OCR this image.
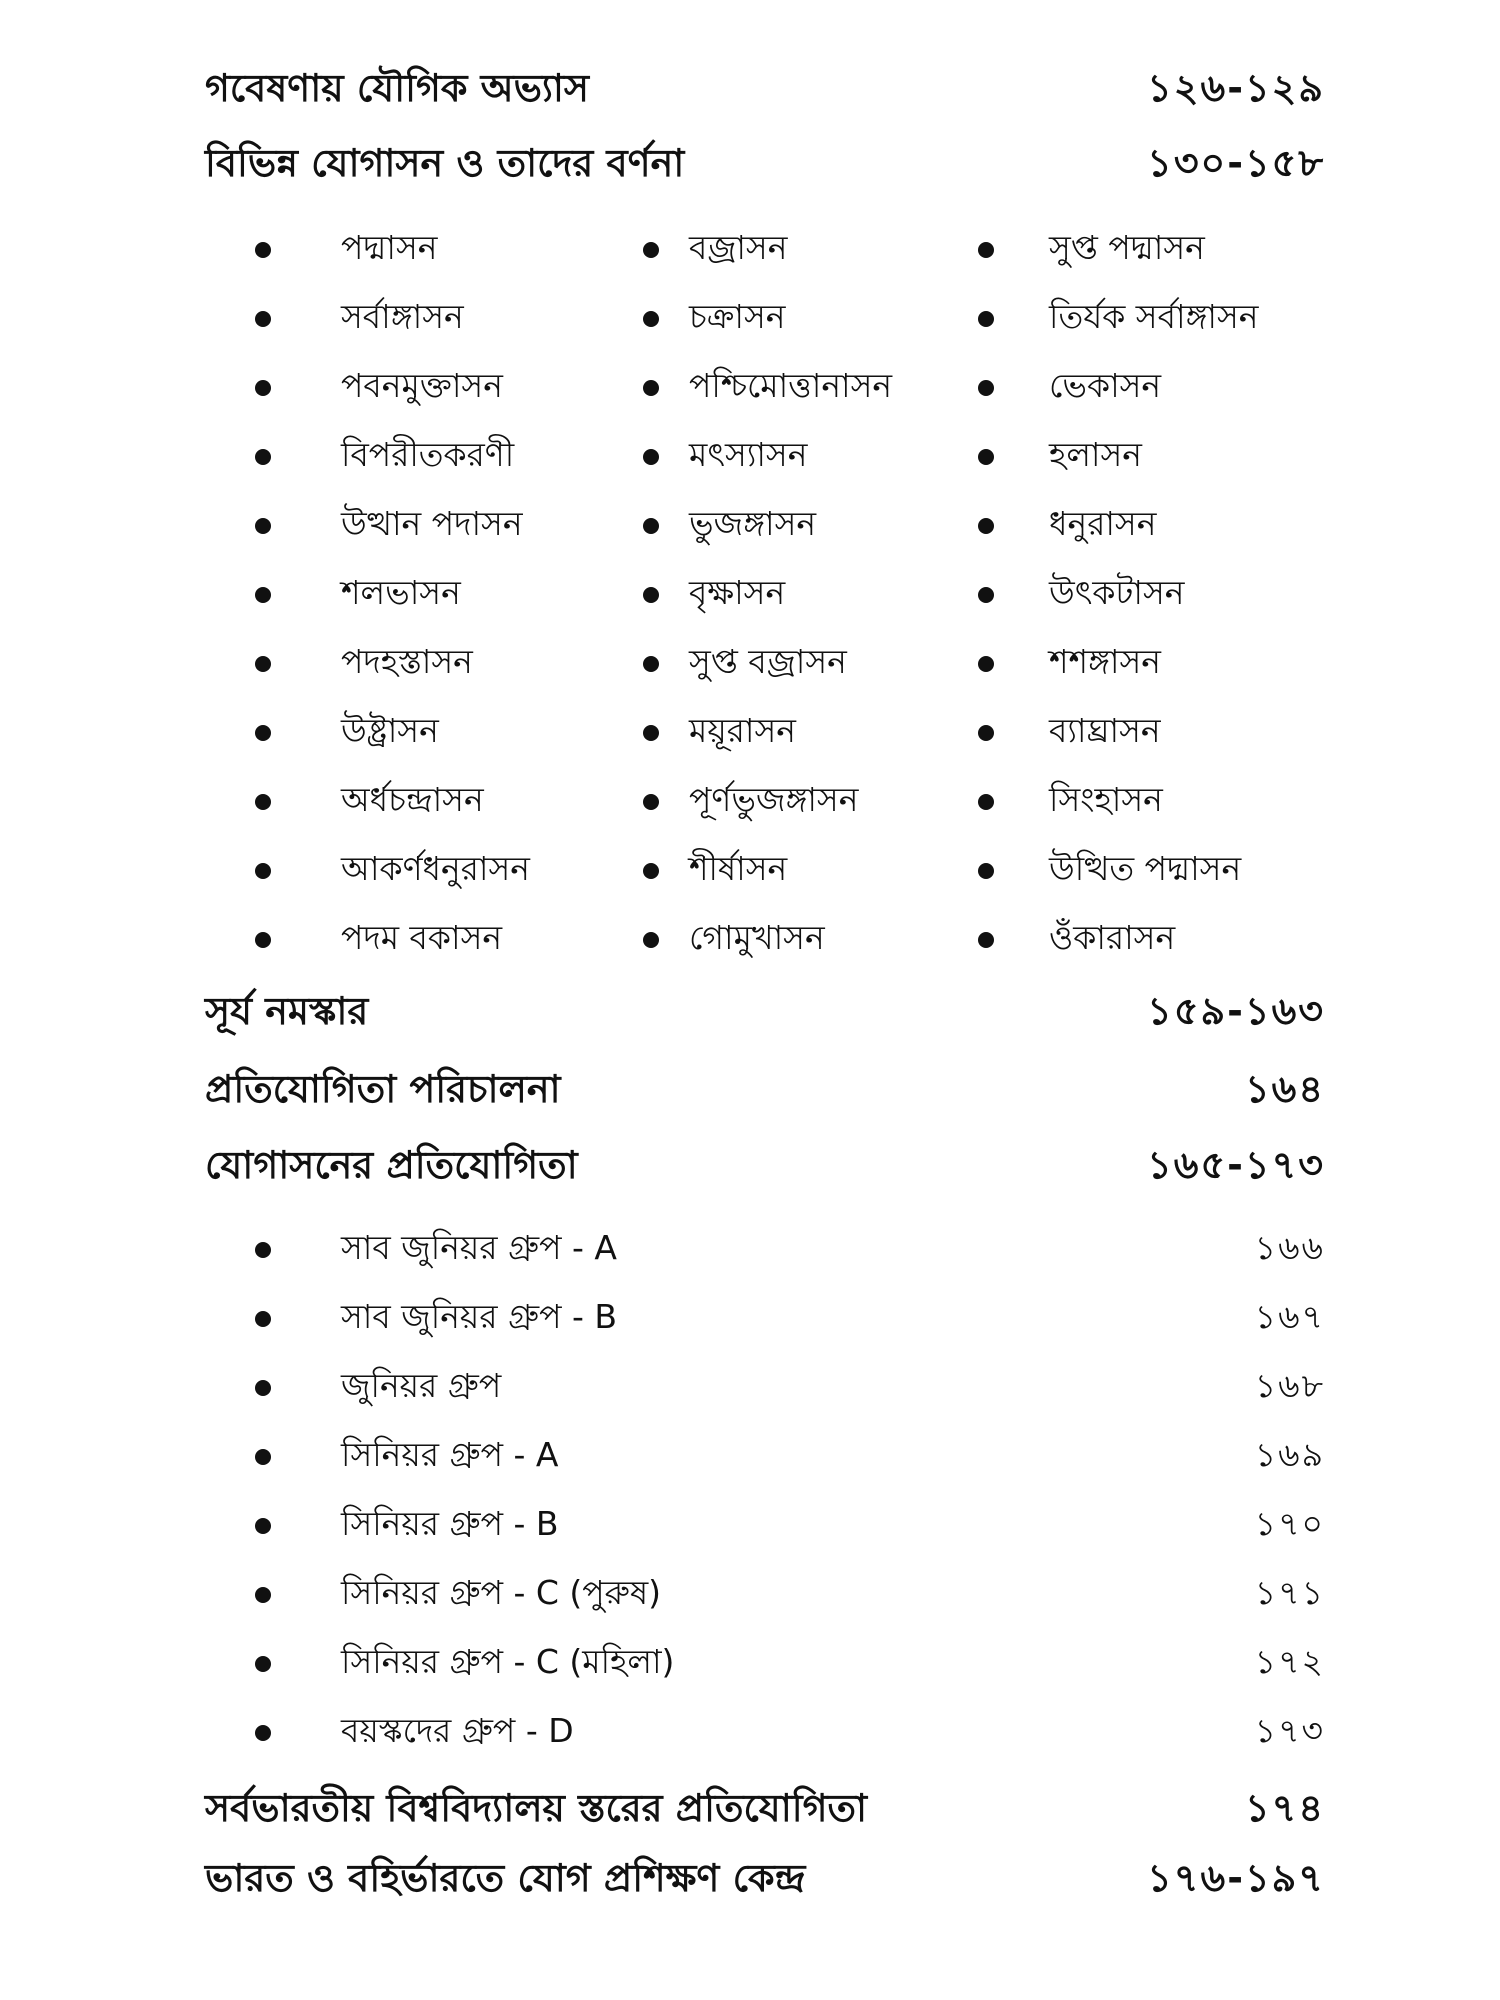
গবেষণায় যৌগিক অভ্যাস	১২৬-১২৯
বিভিন্ন যোগাসন ও তাদের বর্ণনা	১৩০-১৫৮
পদ্মাসন	বজ্রাসন	সুপ্ত পদ্মাসন
সর্বাঙ্গাসন	চক্রাসন	তির্যক সর্বাঙ্গাসন
পবনমুক্তাসন	পশ্চিমোত্তানাসন	ভেকাসন
বিপরীতকরণী	মৎস্যাসন	হলাসন
উত্থান পদাসন	ভুজঙ্গাসন	ধনুরাসন
শলভাসন	বৃক্ষাসন	উৎকটাসন
পদহস্তাসন	সুপ্ত বজ্রাসন	শশঙ্গাসন
উষ্ট্রাসন	ময়ূরাসন	ব্যাঘ্রাসন
অর্ধচন্দ্রাসন	পূর্ণভুজঙ্গাসন	সিংহাসন
আকর্ণধনুরাসন	শীর্ষাসন	উত্থিত পদ্মাসন
পদম বকাসন	গোমুখাসন	ওঁকারাসন
সূর্য নমস্কার	১৫৯-১৬৩
প্রতিযোগিতা পরিচালনা	১৬৪
যোগাসনের প্রতিযোগিতা	১৬৫-১৭৩
সাব জুনিয়র গ্রুপ - A	১৬৬
সাব জুনিয়র গ্রুপ - B	১৬৭
জুনিয়র গ্রুপ	১৬৮
সিনিয়র গ্রুপ - A	১৬৯
সিনিয়র গ্রুপ - B	১৭০
সিনিয়র গ্রুপ - C (পুরুষ)	১৭১
সিনিয়র গ্রুপ - C (মহিলা)	১৭২
বয়স্কদের গ্রুপ - D	১৭৩
সর্বভারতীয় বিশ্ববিদ্যালয় স্তরের প্রতিযোগিতা	১৭৪
ভারত ও বহির্ভারতে যোগ প্রশিক্ষণ কেন্দ্র	১৭৬-১৯৭
